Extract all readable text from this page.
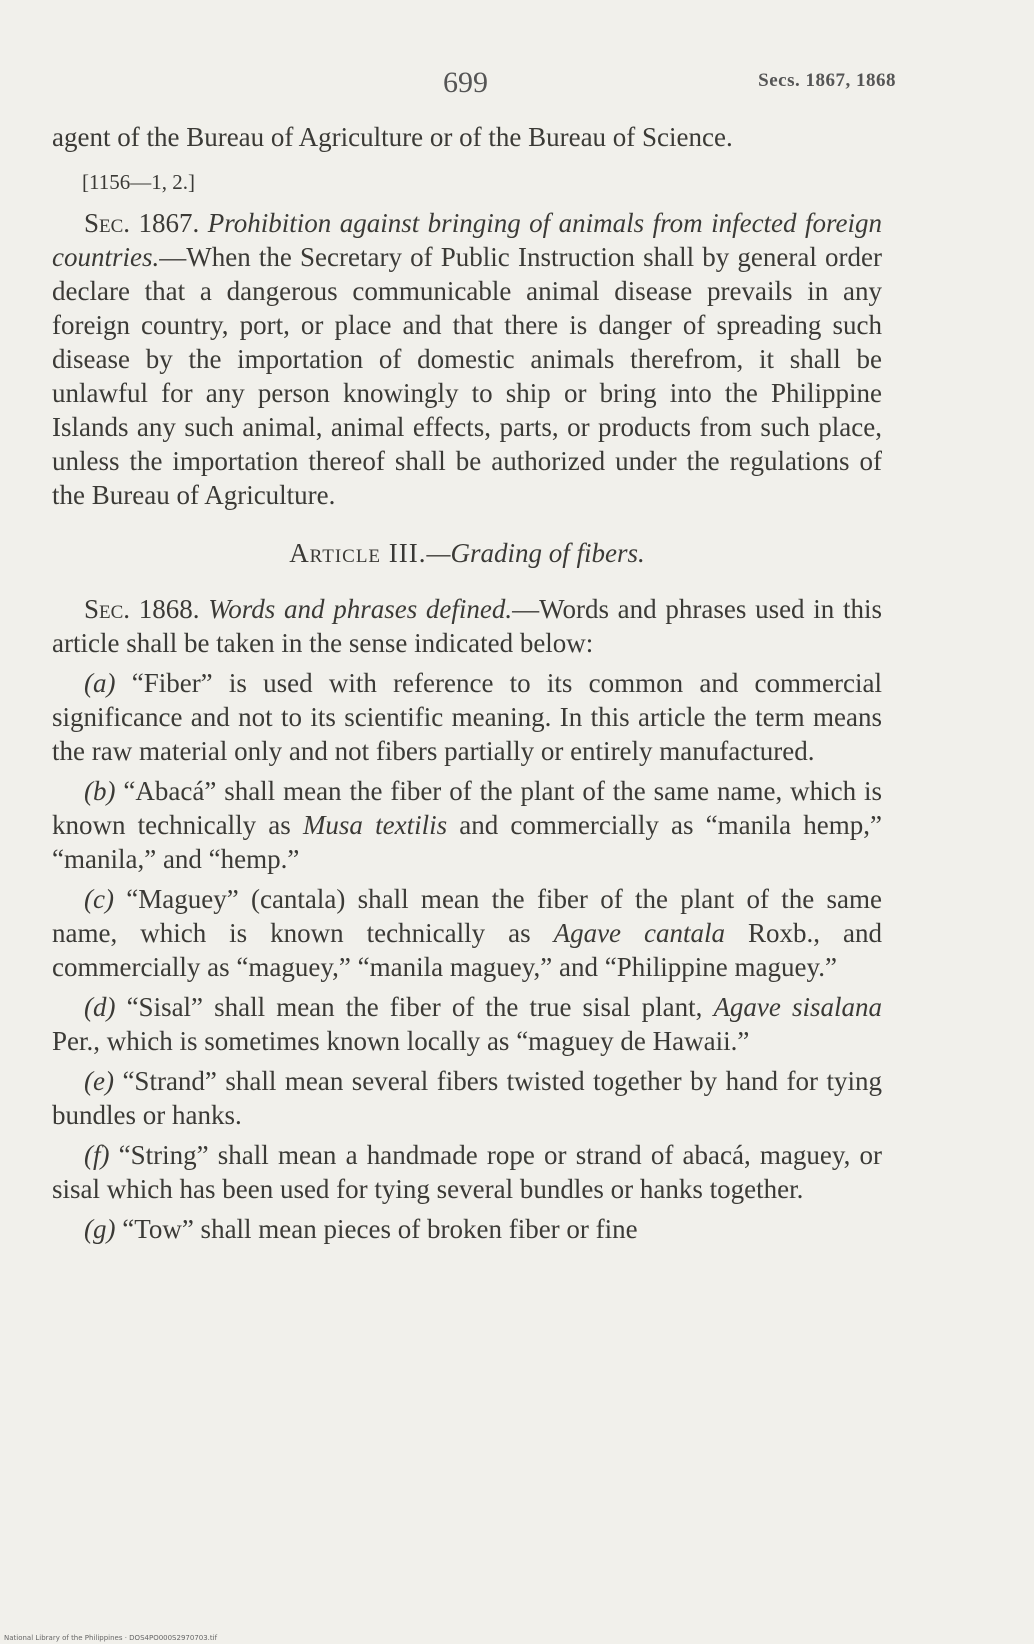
699	Secs. 1867, 1868

agent of the Bureau of Agriculture or of the Bureau of Science.

[1156—1, 2.]

Sec. 1867. Prohibition against bringing of animals from infected foreign countries.—When the Secretary of Public Instruction shall by general order declare that a dangerous communicable animal disease prevails in any foreign country, port, or place and that there is danger of spreading such disease by the importation of domestic animals therefrom, it shall be unlawful for any person knowingly to ship or bring into the Philippine Islands any such animal, animal effects, parts, or products from such place, unless the importation thereof shall be authorized under the regulations of the Bureau of Agriculture.

Article III.—Grading of fibers.

Sec. 1868. Words and phrases defined.—Words and phrases used in this article shall be taken in the sense indicated below:

(a) “Fiber” is used with reference to its common and commercial significance and not to its scientific meaning. In this article the term means the raw material only and not fibers partially or entirely manufactured.

(b) “Abacá” shall mean the fiber of the plant of the same name, which is known technically as Musa textilis and commercially as “manila hemp,” “manila,” and “hemp.”

(c) “Maguey” (cantala) shall mean the fiber of the plant of the same name, which is known technically as Agave cantala Roxb., and commercially as “maguey,” “manila maguey,” and “Philippine maguey.”

(d) “Sisal” shall mean the fiber of the true sisal plant, Agave sisalana Per., which is sometimes known locally as “maguey de Hawaii.”

(e) “Strand” shall mean several fibers twisted together by hand for tying bundles or hanks.

(f) “String” shall mean a handmade rope or strand of abacá, maguey, or sisal which has been used for tying several bundles or hanks together.

(g) “Tow” shall mean pieces of broken fiber or fine

National Library of the Philippines · DOS4PO000S2970703.tif
